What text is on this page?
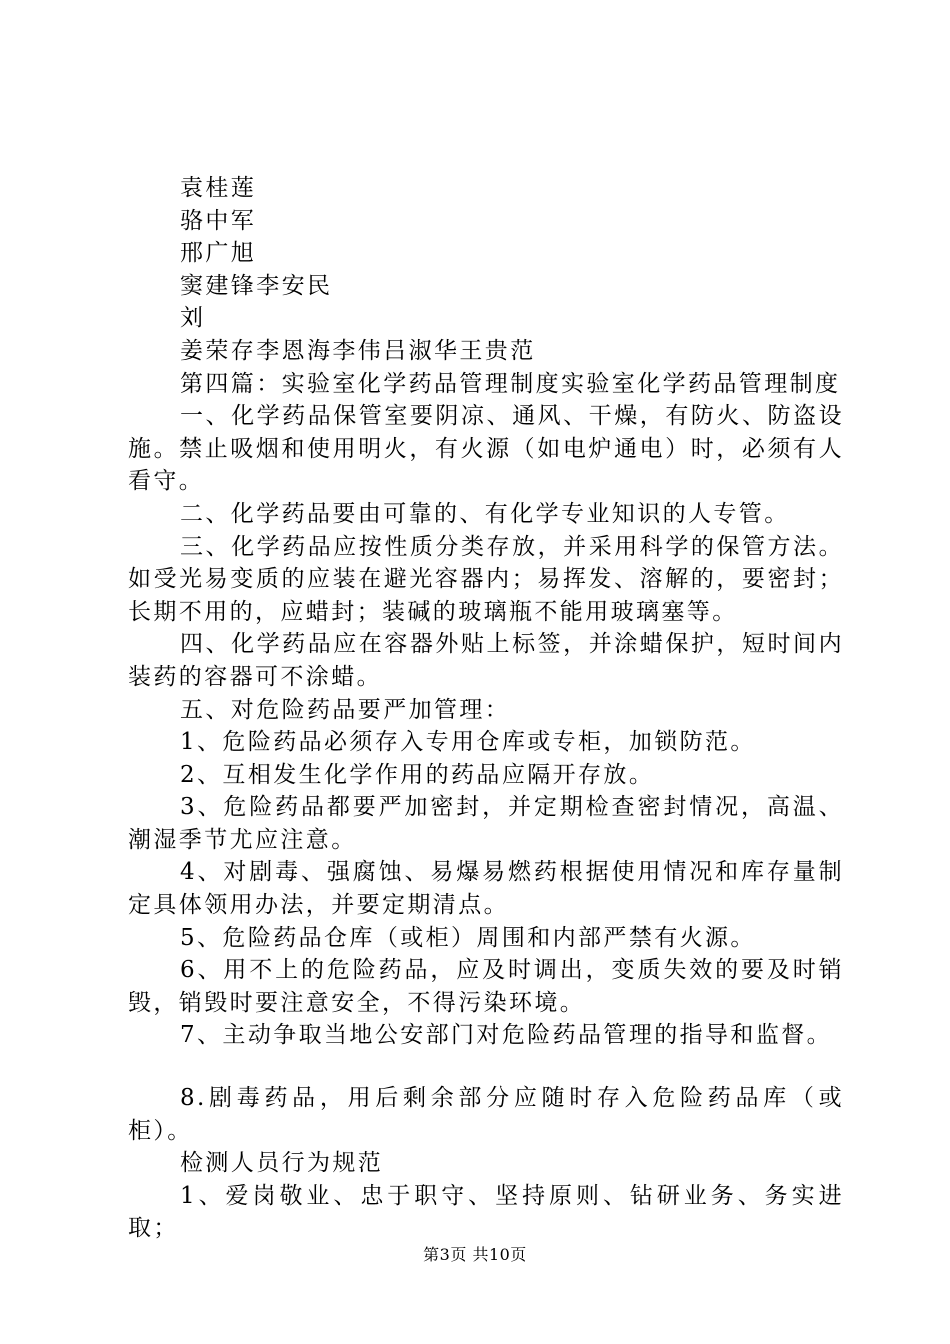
袁桂莲

骆中军

邢广旭

窦建锋李安民

刘

姜荣存李恩海李伟吕淑华王贵范

第四篇：实验室化学药品管理制度实验室化学药品管理制度

一、化学药品保管室要阴凉、通风、干燥，有防火、防盗设施。禁止吸烟和使用明火，有火源（如电炉通电）时，必须有人看守。

二、化学药品要由可靠的、有化学专业知识的人专管。

三、化学药品应按性质分类存放，并采用科学的保管方法。如受光易变质的应装在避光容器内；易挥发、溶解的，要密封；长期不用的，应蜡封；装碱的玻璃瓶不能用玻璃塞等。

四、化学药品应在容器外贴上标签，并涂蜡保护，短时间内装药的容器可不涂蜡。

五、对危险药品要严加管理：

1、危险药品必须存入专用仓库或专柜，加锁防范。

2、互相发生化学作用的药品应隔开存放。

3、危险药品都要严加密封，并定期检查密封情况，高温、潮湿季节尤应注意。

4、对剧毒、强腐蚀、易爆易燃药根据使用情况和库存量制定具体领用办法，并要定期清点。

5、危险药品仓库（或柜）周围和内部严禁有火源。

6、用不上的危险药品，应及时调出，变质失效的要及时销毁，销毁时要注意安全，不得污染环境。

7、主动争取当地公安部门对危险药品管理的指导和监督。

8.剧毒药品，用后剩余部分应随时存入危险药品库（或柜）。

检测人员行为规范

1、爱岗敬业、忠于职守、坚持原则、钻研业务、务实进取；

第3页 共10页
